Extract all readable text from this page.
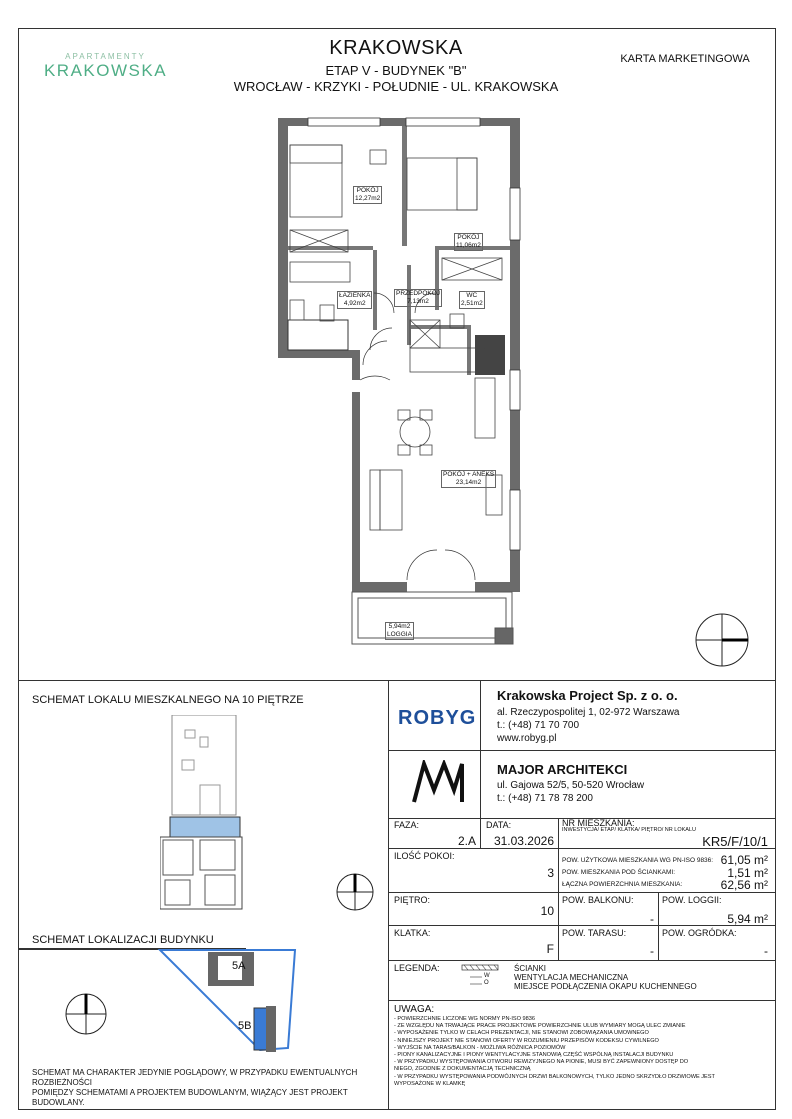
APARTAMENTY
KRAKOWSKA
KRAKOWSKA
ETAP V - BUDYNEK "B"
WROCŁAW - KRZYKI - POŁUDNIE - UL. KRAKOWSKA
KARTA MARKETINGOWA
POKÓJ
12,27m2
POKÓJ
11,06m2
ŁAZIENKA
4,92m2
PRZEDPOKÓJ
7,13m2
WC
2,51m2
POKÓJ + ANEKS
23,14m2
5,94m2
LOGGIA
SCHEMAT LOKALU MIESZKALNEGO NA 10 PIĘTRZE
SCHEMAT LOKALIZACJI BUDYNKU
5A
5B
SCHEMAT MA CHARAKTER JEDYNIE POGLĄDOWY, W PRZYPADKU EWENTUALNYCH ROZBIEŻNOŚCI
POMIĘDZY SCHEMATAMI A PROJEKTEM BUDOWLANYM, WIĄŻĄCY JEST PROJEKT BUDOWLANY.
ROBYG
Krakowska Project Sp. z o. o.
al. Rzeczypospolitej 1, 02-972 Warszawa
t.: (+48) 71 70 700
www.robyg.pl
MAJOR ARCHITEKCI
ul. Gajowa 52/5, 50-520 Wrocław
t.: (+48) 71 78 78 200
FAZA:
2.A
DATA:
31.03.2026
NR MIESZKANIA:
INWESTYCJA/ ETAP/ KLATKA/ PIĘTRO/ NR LOKALU
KR5/F/10/1
ILOŚĆ POKOI:
3
POW. UŻYTKOWA MIESZKANIA WG PN-ISO 9836: 61,05 m²
POW. MIESZKANIA POD ŚCIANKAMI:	1,51 m²
ŁĄCZNA POWIERZCHNIA MIESZKANIA:	62,56 m²
PIĘTRO:
10
POW. BALKONU:
-
POW. LOGGII:
5,94 m²
KLATKA:
F
POW. TARASU:
-
POW. OGRÓDKA:
-
LEGENDA:
W
O
ŚCIANKI
WENTYLACJA MECHANICZNA
MIEJSCE PODŁĄCZENIA OKAPU KUCHENNEGO
UWAGA:
- POWIERZCHNIE LICZONE WG NORMY PN-ISO 9836
- ZE WZGLĘDU NA TRWAJĄCE PRACE PROJEKTOWE POWIERZCHNIE ULUB WYMIARY MOGĄ ULEC ZMIANIE
- WYPOSAŻENIE TYLKO W CELACH PREZENTACJI, NIE STANOWI ZOBOWIĄZANIA UMOWNEGO
- NINIEJSZY PROJEKT NIE STANOWI OFERTY W ROZUMIENIU PRZEPISÓW KODEKSU CYWILNEGO
- WYJŚCIE NA TARAS/BALKON - MOŻLIWA RÓŻNICA POZIOMÓW
- PIONY KANALIZACYJNE I PIONY WENTYLACYJNE STANOWIĄ CZĘŚĆ WSPÓLNĄ INSTALACJI BUDYNKU
- W PRZYPADKU WYSTĘPOWANIA OTWORU REWIZYJNEGO NA PIONIE, MUSI BYĆ ZAPEWNIONY DOSTĘP DO
NIEGO, ZGODNIE Z DOKUMENTACJĄ TECHNICZNĄ
- W PRZYPADKU WYSTĘPOWANIA PODWÓJNYCH DRZWI BALKONOWYCH, TYLKO JEDNO SKRZYDŁO DRZWIOWE JEST
WYPOSAŻONE W KLAMKĘ
